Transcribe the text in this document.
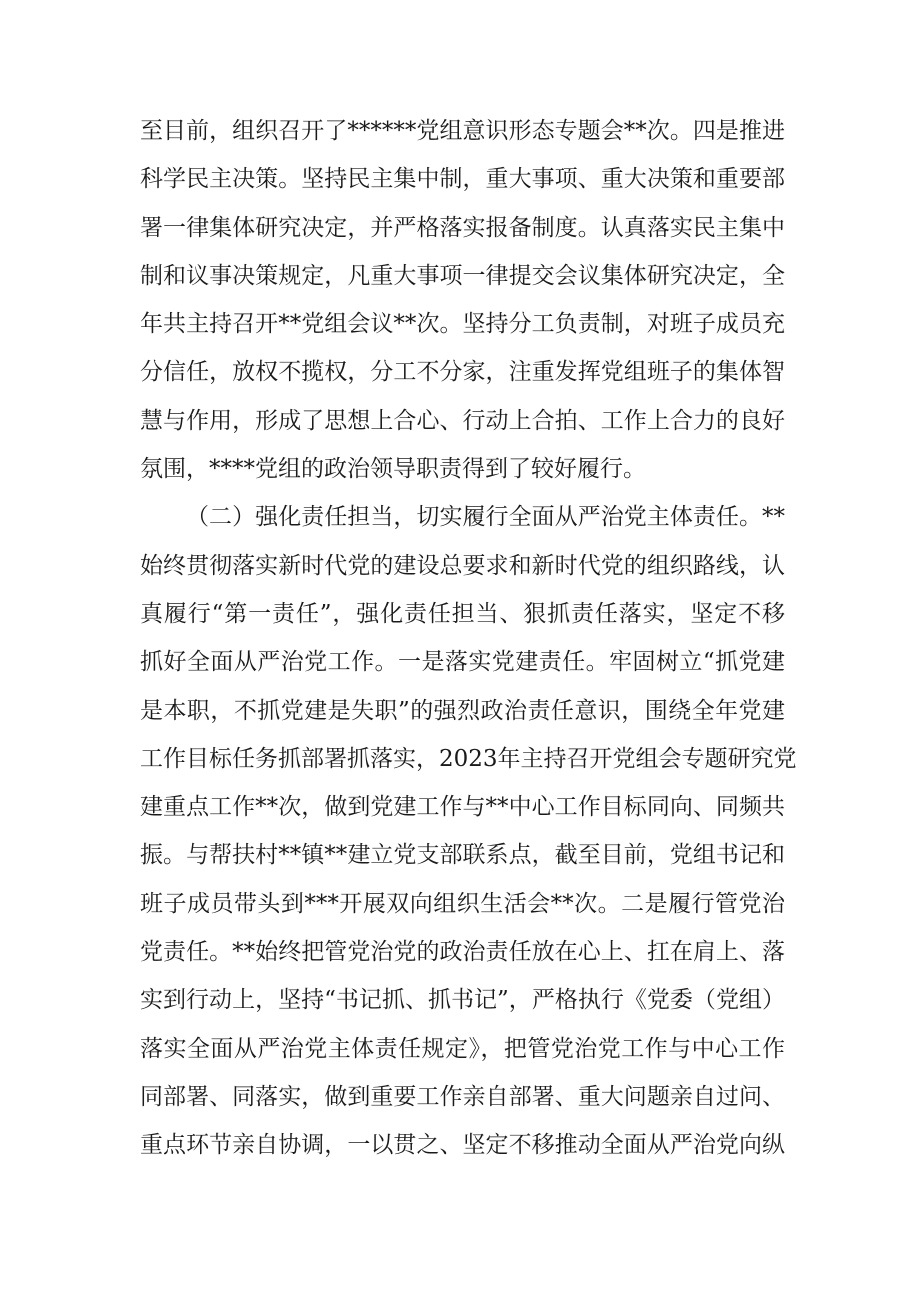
至目前，组织召开了******党组意识形态专题会**次。四是推进
科学民主决策。坚持民主集中制，重大事项、重大决策和重要部
署一律集体研究决定，并严格落实报备制度。认真落实民主集中
制和议事决策规定，凡重大事项一律提交会议集体研究决定，全
年共主持召开**党组会议**次。坚持分工负责制，对班子成员充
分信任，放权不揽权，分工不分家，注重发挥党组班子的集体智
慧与作用，形成了思想上合心、行动上合拍、工作上合力的良好
氛围，****党组的政治领导职责得到了较好履行。
（二）强化责任担当，切实履行全面从严治党主体责任。**
始终贯彻落实新时代党的建设总要求和新时代党的组织路线，认
真履行“第一责任”，强化责任担当、狠抓责任落实，坚定不移
抓好全面从严治党工作。一是落实党建责任。牢固树立“抓党建
是本职，不抓党建是失职”的强烈政治责任意识，围绕全年党建
工作目标任务抓部署抓落实，2023年主持召开党组会专题研究党
建重点工作**次，做到党建工作与**中心工作目标同向、同频共
振。与帮扶村**镇**建立党支部联系点，截至目前，党组书记和
班子成员带头到***开展双向组织生活会**次。二是履行管党治
党责任。**始终把管党治党的政治责任放在心上、扛在肩上、落
实到行动上，坚持“书记抓、抓书记”，严格执行《党委（党组）
落实全面从严治党主体责任规定》，把管党治党工作与中心工作
同部署、同落实，做到重要工作亲自部署、重大问题亲自过问、
重点环节亲自协调，一以贯之、坚定不移推动全面从严治党向纵
